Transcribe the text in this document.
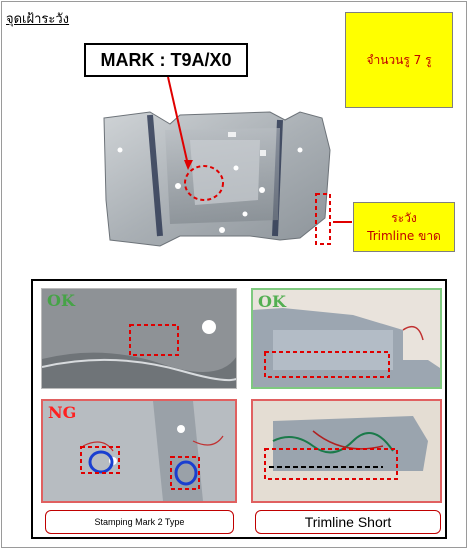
จุดเฝ้าระวัง
จำนวนรู 7 รู
MARK : T9A/X0
ระวัง
Trimline ขาด
OK	OK
NG
Stamping Mark 2 Type	Trimline Short
